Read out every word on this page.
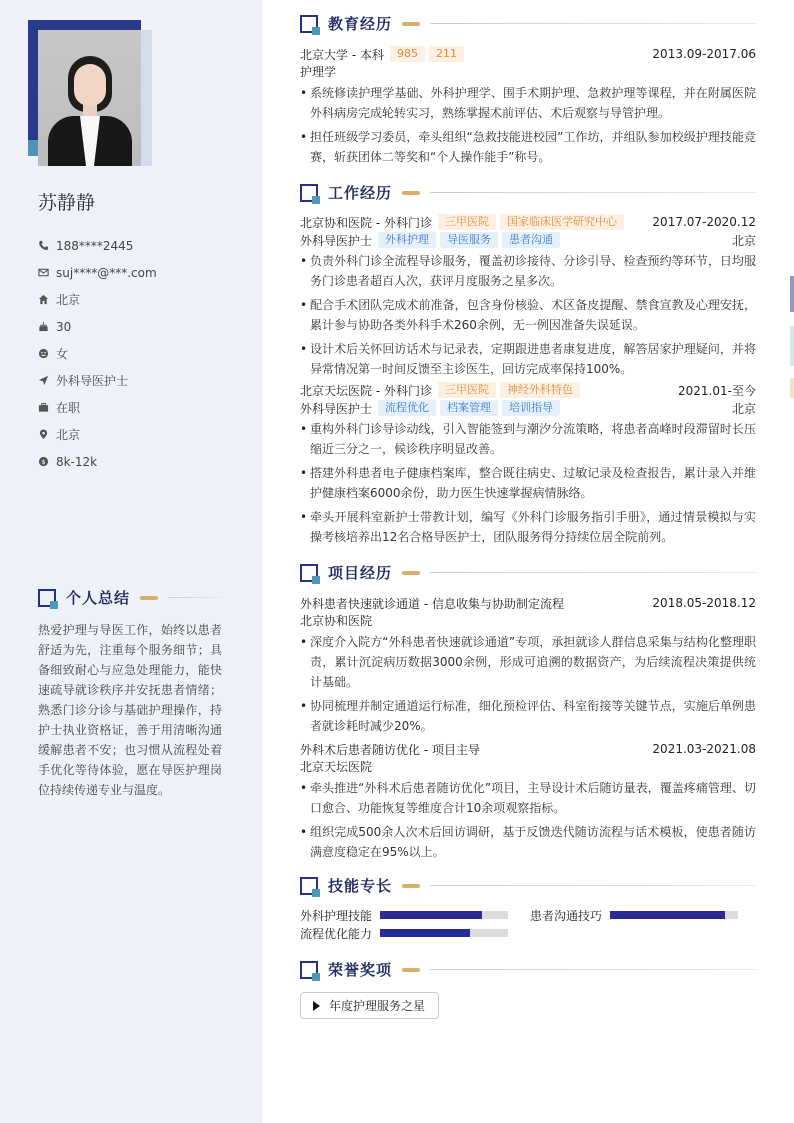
苏静静
188****2445
suj****@***.com
北京
30
女
外科导医护士
在职
北京
$ 8k-12k
个人总结
热爱护理与导医工作，始终以患者舒适为先，注重每个服务细节；具备细致耐心与应急处理能力，能快速疏导就诊秩序并安抚患者情绪；熟悉门诊分诊与基础护理操作，持护士执业资格证，善于用清晰沟通缓解患者不安；也习惯从流程处着手优化等待体验，愿在导医护理岗位持续传递专业与温度。
教育经历
北京大学 - 本科	985	211	2013.09-2017.06
护理学
• 系统修读护理学基础、外科护理学、围手术期护理、急救护理等课程，并在附属医院外科病房完成轮转实习，熟练掌握术前评估、术后观察与导管护理。
• 担任班级学习委员，牵头组织“急救技能进校园”工作坊，并组队参加校级护理技能竞赛，斩获团体二等奖和“个人操作能手”称号。
工作经历
北京协和医院 - 外科门诊	三甲医院	国家临床医学研究中心	2017.07-2020.12
外科导医护士	外科护理	导医服务	患者沟通	北京
• 负责外科门诊全流程导诊服务，覆盖初诊接待、分诊引导、检查预约等环节，日均服务门诊患者超百人次，获评月度服务之星多次。
• 配合手术团队完成术前准备，包含身份核验、术区备皮提醒、禁食宣教及心理安抚，累计参与协助各类外科手术260余例，无一例因准备失误延误。
• 设计术后关怀回访话术与记录表，定期跟进患者康复进度，解答居家护理疑问，并将异常情况第一时间反馈至主诊医生，回访完成率保持100%。
北京天坛医院 - 外科门诊	三甲医院	神经外科特色	2021.01-至今
外科导医护士	流程优化	档案管理	培训指导	北京
• 重构外科门诊导诊动线，引入智能签到与潮汐分流策略，将患者高峰时段滞留时长压缩近三分之一，候诊秩序明显改善。
• 搭建外科患者电子健康档案库，整合既往病史、过敏记录及检查报告，累计录入并维护健康档案6000余份，助力医生快速掌握病情脉络。
• 牵头开展科室新护士带教计划，编写《外科门诊服务指引手册》，通过情景模拟与实操考核培养出12名合格导医护士，团队服务得分持续位居全院前列。
项目经历
外科患者快速就诊通道 - 信息收集与协助制定流程	2018.05-2018.12
北京协和医院
• 深度介入院方“外科患者快速就诊通道”专项，承担就诊人群信息采集与结构化整理职责，累计沉淀病历数据3000余例，形成可追溯的数据资产，为后续流程决策提供统计基础。
• 协同梳理并制定通道运行标准，细化预检评估、科室衔接等关键节点，实施后单例患者就诊耗时减少20%。
外科术后患者随访优化 - 项目主导	2021.03-2021.08
北京天坛医院
• 牵头推进“外科术后患者随访优化”项目，主导设计术后随访量表，覆盖疼痛管理、切口愈合、功能恢复等维度合计10余项观察指标。
• 组织完成500余人次术后回访调研，基于反馈迭代随访流程与话术模板，使患者随访满意度稳定在95%以上。
技能专长
外科护理技能	患者沟通技巧
流程优化能力
荣誉奖项
年度护理服务之星
